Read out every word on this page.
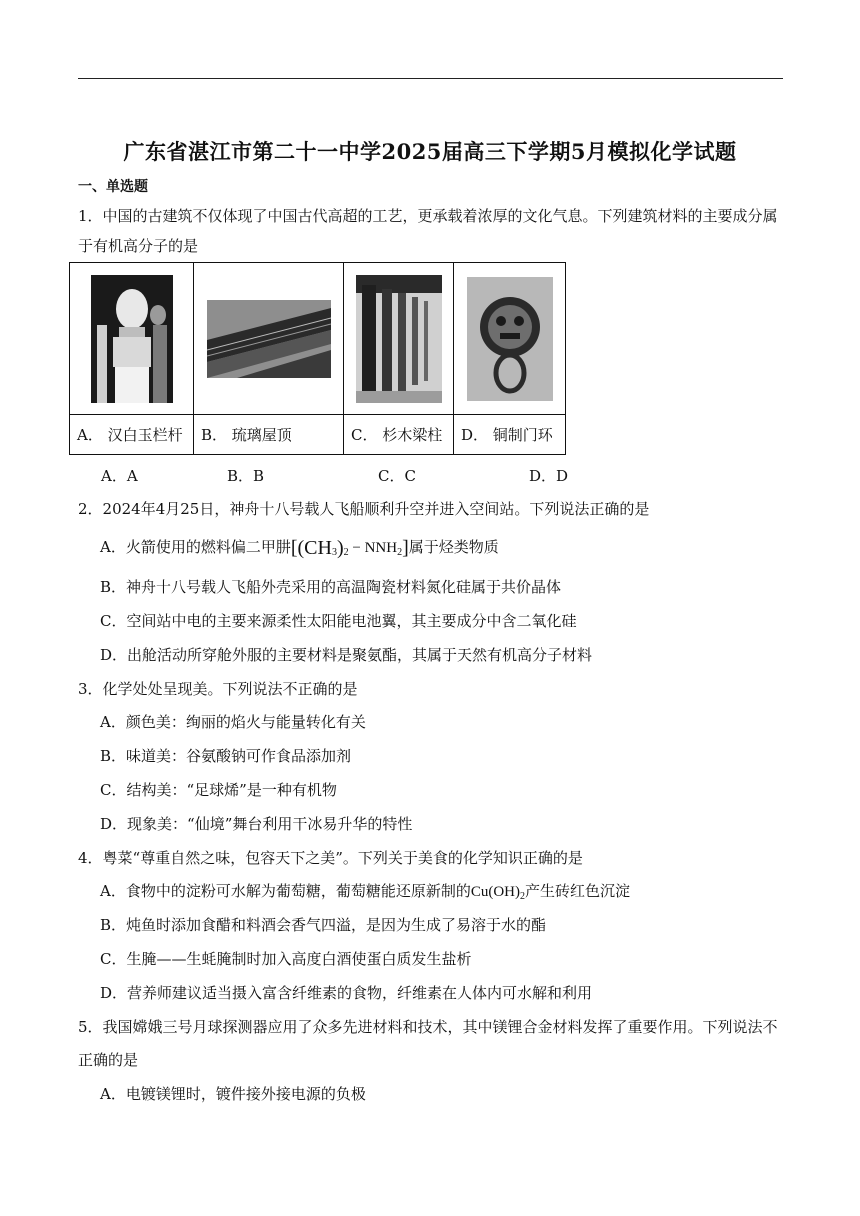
广东省湛江市第二十一中学2025届高三下学期5月模拟化学试题
一、单选题
1．中国的古建筑不仅体现了中国古代高超的工艺，更承载着浓厚的文化气息。下列建筑材料的主要成分属
于有机高分子的是

A． 汉白玉栏杆	B． 琉璃屋顶	C． 杉木梁柱	D． 铜制门环
A．A	B．B	C．C	D．D
2．2024年4月25日，神舟十八号载人飞船顺利升空并进入空间站。下列说法正确的是
A．火箭使用的燃料偏二甲肼$[(CH_3)_2 - NNH_2]$属于烃类物质
B．神舟十八号载人飞船外壳采用的高温陶瓷材料氮化硅属于共价晶体
C．空间站中电的主要来源柔性太阳能电池翼，其主要成分中含二氧化硅
D．出舱活动所穿舱外服的主要材料是聚氨酯，其属于天然有机高分子材料
3．化学处处呈现美。下列说法不正确的是
A．颜色美：绚丽的焰火与能量转化有关
B．味道美：谷氨酸钠可作食品添加剂
C．结构美：“足球烯”是一种有机物
D．现象美：“仙境”舞台利用干冰易升华的特性
4．粤菜“尊重自然之味，包容天下之美”。下列关于美食的化学知识正确的是
A．食物中的淀粉可水解为葡萄糖，葡萄糖能还原新制的$Cu(OH)_2$产生砖红色沉淀
B．炖鱼时添加食醋和料酒会香气四溢，是因为生成了易溶于水的酯
C．生腌——生蚝腌制时加入高度白酒使蛋白质发生盐析
D．营养师建议适当摄入富含纤维素的食物，纤维素在人体内可水解和利用
5．我国嫦娥三号月球探测器应用了众多先进材料和技术，其中镁锂合金材料发挥了重要作用。下列说法不
正确的是
A．电镀镁锂时，镀件接外接电源的负极
